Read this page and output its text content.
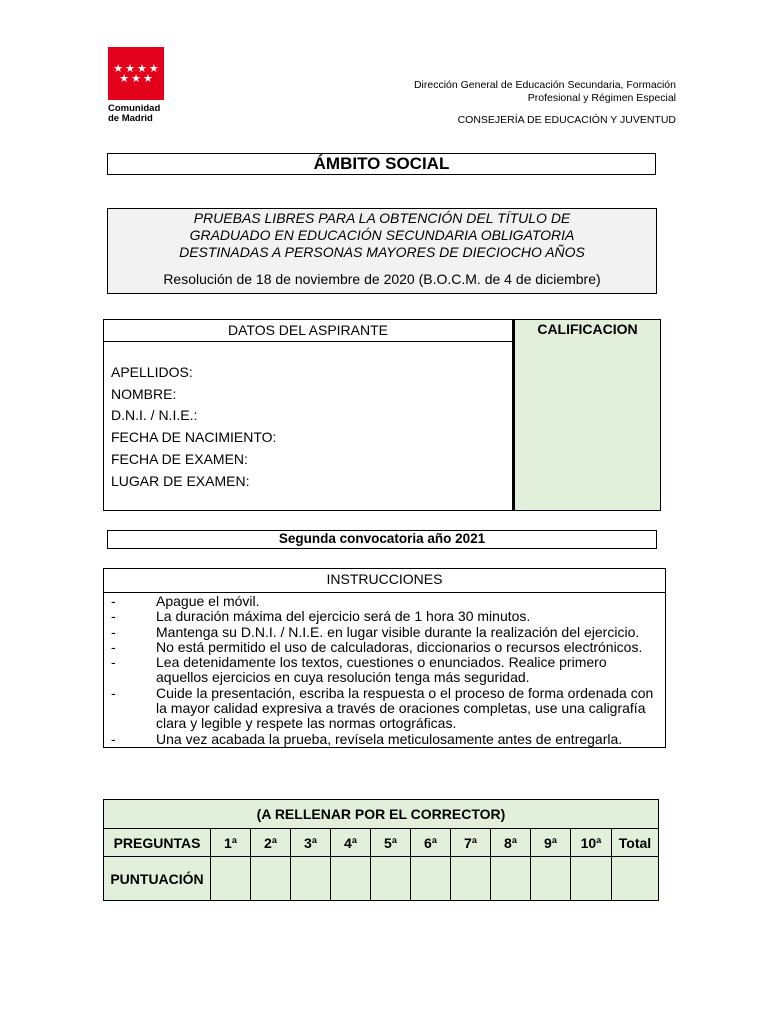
★ ★ ★ ★
★ ★ ★
Comunidad
de Madrid
Dirección General de Educación Secundaria, Formación
Profesional y Régimen Especial
CONSEJERÍA DE EDUCACIÓN Y JUVENTUD
ÁMBITO SOCIAL
PRUEBAS LIBRES PARA LA OBTENCIÓN DEL TÍTULO DE
GRADUADO EN EDUCACIÓN SECUNDARIA OBLIGATORIA
DESTINADAS A PERSONAS MAYORES DE DIECIOCHO AÑOS
Resolución de 18 de noviembre de 2020 (B.O.C.M. de 4 de diciembre)
DATOS DEL ASPIRANTE
APELLIDOS:
NOMBRE:
D.N.I. / N.I.E.:
FECHA DE NACIMIENTO:
FECHA DE EXAMEN:
LUGAR DE EXAMEN:
CALIFICACION
Segunda convocatoria año 2021
INSTRUCCIONES
-	Apague el móvil.
-	La duración máxima del ejercicio será de 1 hora 30 minutos.
-	Mantenga su D.N.I. / N.I.E. en lugar visible durante la realización del ejercicio.
-	No está permitido el uso de calculadoras, diccionarios o recursos electrónicos.
-	Lea detenidamente los textos, cuestiones o enunciados. Realice primero
aquellos ejercicios en cuya resolución tenga más seguridad.
-	Cuide la presentación, escriba la respuesta o el proceso de forma ordenada con
la mayor calidad expresiva a través de oraciones completas, use una caligrafía
clara y legible y respete las normas ortográficas.
-	Una vez acabada la prueba, revísela meticulosamente antes de entregarla.
(A RELLENAR POR EL CORRECTOR)											
PREGUNTAS	1ª	2ª	3ª	4ª	5ª	6ª	7ª	8ª	9ª	10ª	Total
PUNTUACIÓN											
